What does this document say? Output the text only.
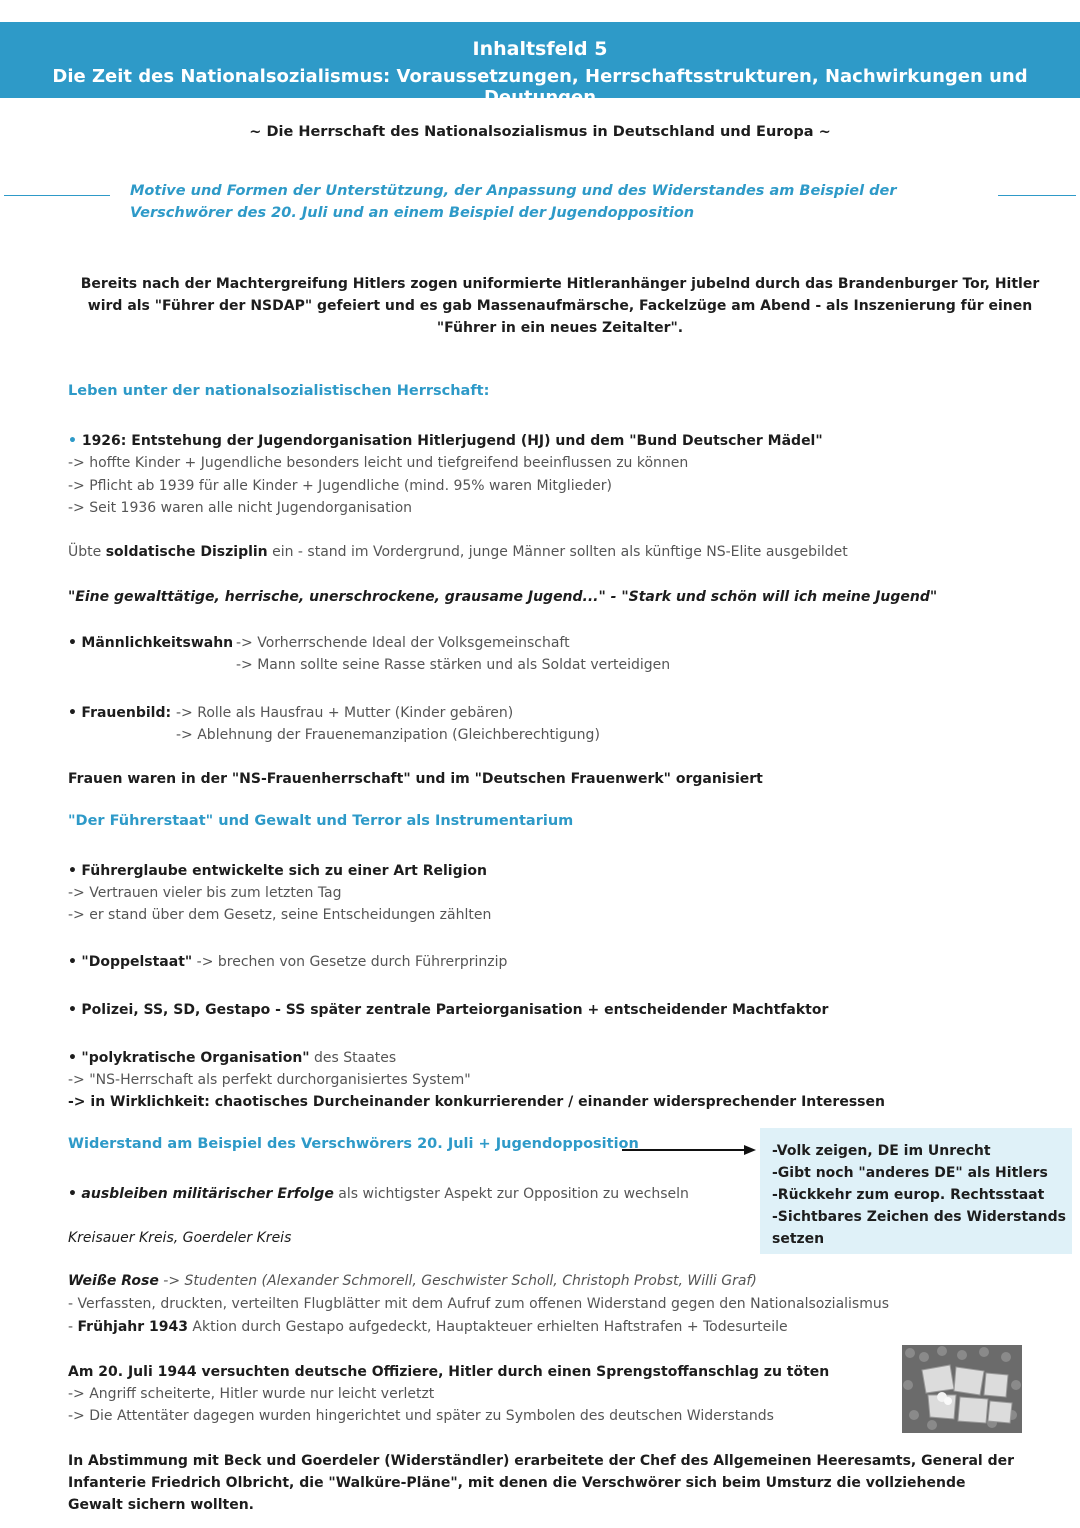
Inhaltsfeld 5
Die Zeit des Nationalsozialismus: Voraussetzungen, Herrschaftsstrukturen, Nachwirkungen und Deutungen
~ Die Herrschaft des Nationalsozialismus in Deutschland und Europa ~
Motive und Formen der Unterstützung, der Anpassung und des Widerstandes am Beispiel der Verschwörer des 20. Juli und an einem Beispiel der Jugendopposition
Bereits nach der Machtergreifung Hitlers zogen uniformierte Hitleranhänger jubelnd durch das Brandenburger Tor, Hitler wird als "Führer der NSDAP" gefeiert und es gab Massenaufmärsche, Fackelzüge am Abend - als Inszenierung für einen "Führer in ein neues Zeitalter".
Leben unter der nationalsozialistischen Herrschaft:
• 1926: Entstehung der Jugendorganisation Hitlerjugend (HJ) und dem "Bund Deutscher Mädel"
-> hoffte Kinder + Jugendliche besonders leicht und tiefgreifend beeinflussen zu können
-> Pflicht ab 1939 für alle Kinder + Jugendliche (mind. 95% waren Mitglieder)
-> Seit 1936 waren alle nicht Jugendorganisation
Übte soldatische Disziplin ein - stand im Vordergrund, junge Männer sollten als künftige NS-Elite ausgebildet
"Eine gewalttätige, herrische, unerschrockene, grausame Jugend..." - "Stark und schön will ich meine Jugend"
• Männlichkeitswahn -> Vorherrschende Ideal der Volksgemeinschaft
-> Mann sollte seine Rasse stärken und als Soldat verteidigen
• Frauenbild: -> Rolle als Hausfrau + Mutter (Kinder gebären)
-> Ablehnung der Frauenemanzipation (Gleichberechtigung)
Frauen waren in der "NS-Frauenherrschaft" und im "Deutschen Frauenwerk" organisiert
"Der Führerstaat" und Gewalt und Terror als Instrumentarium
• Führerglaube entwickelte sich zu einer Art Religion
-> Vertrauen vieler bis zum letzten Tag
-> er stand über dem Gesetz, seine Entscheidungen zählten
• "Doppelstaat" -> brechen von Gesetze durch Führerprinzip
• Polizei, SS, SD, Gestapo - SS später zentrale Parteiorganisation + entscheidender Machtfaktor
• "polykratische Organisation" des Staates
-> "NS-Herrschaft als perfekt durchorganisiertes System"
-> in Wirklichkeit: chaotisches Durcheinander konkurrierender / einander widersprechender Interessen
Widerstand am Beispiel des Verschwörers 20. Juli + Jugendopposition	-Volk zeigen, DE im Unrecht
-Gibt noch "anderes DE" als Hitlers
-Rückkehr zum europ. Rechtsstaat
-Sichtbares Zeichen des Widerstands
setzen
• ausbleiben militärischer Erfolge als wichtigster Aspekt zur Opposition zu wechseln
Kreisauer Kreis, Goerdeler Kreis
Weiße Rose -> Studenten (Alexander Schmorell, Geschwister Scholl, Christoph Probst, Willi Graf)
- Verfassten, druckten, verteilten Flugblätter mit dem Aufruf zum offenen Widerstand gegen den Nationalsozialismus
- Frühjahr 1943 Aktion durch Gestapo aufgedeckt, Hauptakteuer erhielten Haftstrafen + Todesurteile
Am 20. Juli 1944 versuchten deutsche Offiziere, Hitler durch einen Sprengstoffanschlag zu töten
-> Angriff scheiterte, Hitler wurde nur leicht verletzt
-> Die Attentäter dagegen wurden hingerichtet und später zu Symbolen des deutschen Widerstands
In Abstimmung mit Beck und Goerdeler (Widerständler) erarbeitete der Chef des Allgemeinen Heeresamts, General der Infanterie Friedrich Olbricht, die "Walküre-Pläne", mit denen die Verschwörer sich beim Umsturz die vollziehende Gewalt sichern wollten.
